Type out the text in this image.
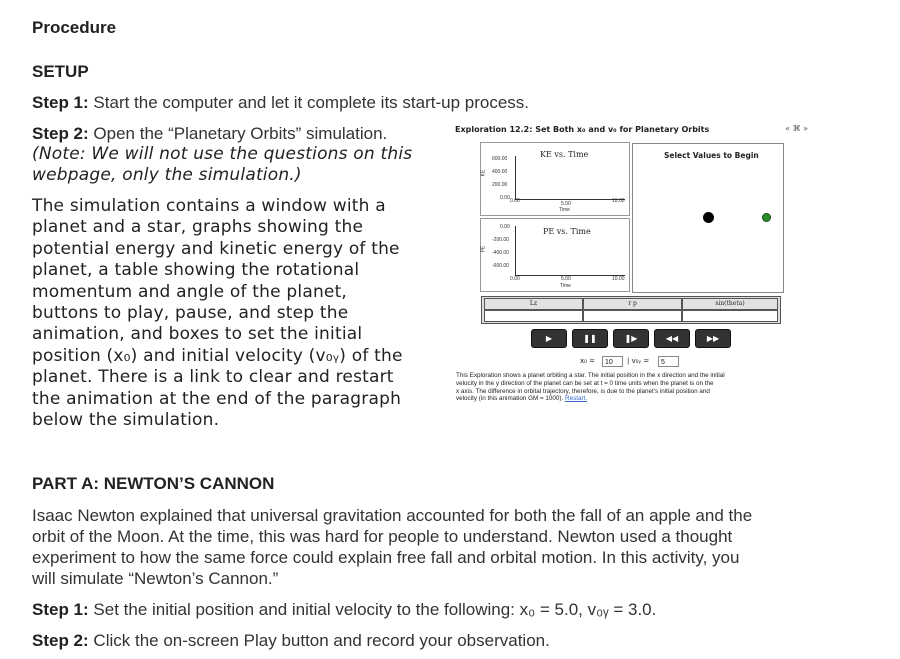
Procedure
SETUP
Step 1: Start the computer and let it complete its start-up process.
Step 2: Open the “Planetary Orbits” simulation.
(Note: We will not use the questions on this
webpage, only the simulation.)
The simulation contains a window with a
planet and a star, graphs showing the
potential energy and kinetic energy of the
planet, a table showing the rotational
momentum and angle of the planet,
buttons to play, pause, and step the
animation, and boxes to set the initial
position (x₀) and initial velocity (v₀ᵧ) of the
planet. There is a link to clear and restart
the animation at the end of the paragraph
below the simulation.
Exploration 12.2: Set Both x₀ and v₀ for Planetary Orbits	« ⌘ »
KE vs. Time
KE
600.00
400.00
200.00
0.00 0.00	5.00	10.00
Time
PE vs. Time
PE
0.00
-200.00
-400.00
-600.00
0.00	5.00	10.00
Time
Select Values to Begin
Lz	r p	sin(theta)
▶	❚❚	❚▶	◀◀	▶▶
x₀ =	10	| v₀ᵧ =	5
This Exploration shows a planet orbiting a star. The initial position in the x direction and the initial
velocity in the y direction of the planet can be set at t = 0 time units when the planet is on the
x axis. The difference in orbital trajectory, therefore, is due to the planet's initial position and
velocity (in this animation GM = 1000). Restart.
PART A: NEWTON’S CANNON
Isaac Newton explained that universal gravitation accounted for both the fall of an apple and the
orbit of the Moon. At the time, this was hard for people to understand. Newton used a thought
experiment to how the same force could explain free fall and orbital motion. In this activity, you
will simulate “Newton’s Cannon.”
Step 1: Set the initial position and initial velocity to the following: x₀ = 5.0, v₀ᵧ = 3.0.
Step 2: Click the on-screen Play button and record your observation.
